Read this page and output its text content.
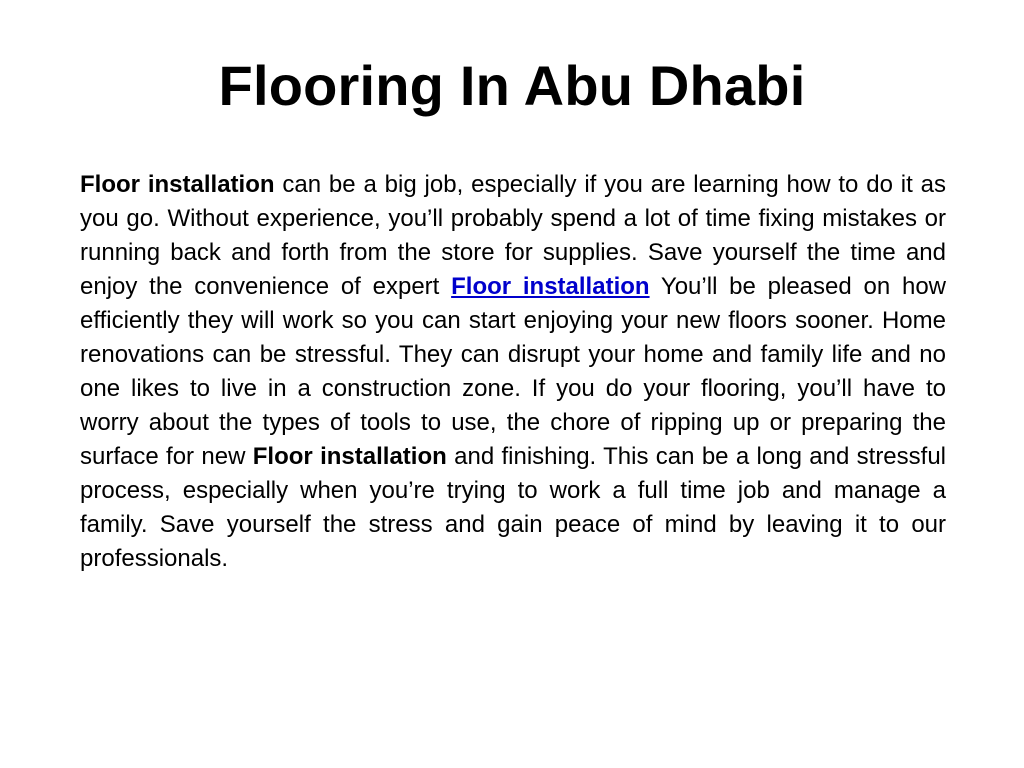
Flooring In Abu Dhabi

Floor installation can be a big job, especially if you are learning how to do it as you go. Without experience, you’ll probably spend a lot of time fixing mistakes or running back and forth from the store for supplies. Save yourself the time and enjoy the convenience of expert Floor installation You’ll be pleased on how efficiently they will work so you can start enjoying your new floors sooner. Home renovations can be stressful. They can disrupt your home and family life and no one likes to live in a construction zone. If you do your flooring, you’ll have to worry about the types of tools to use, the chore of ripping up or preparing the surface for new Floor installation and finishing. This can be a long and stressful process, especially when you’re trying to work a full time job and manage a family. Save yourself the stress and gain peace of mind by leaving it to our professionals.
